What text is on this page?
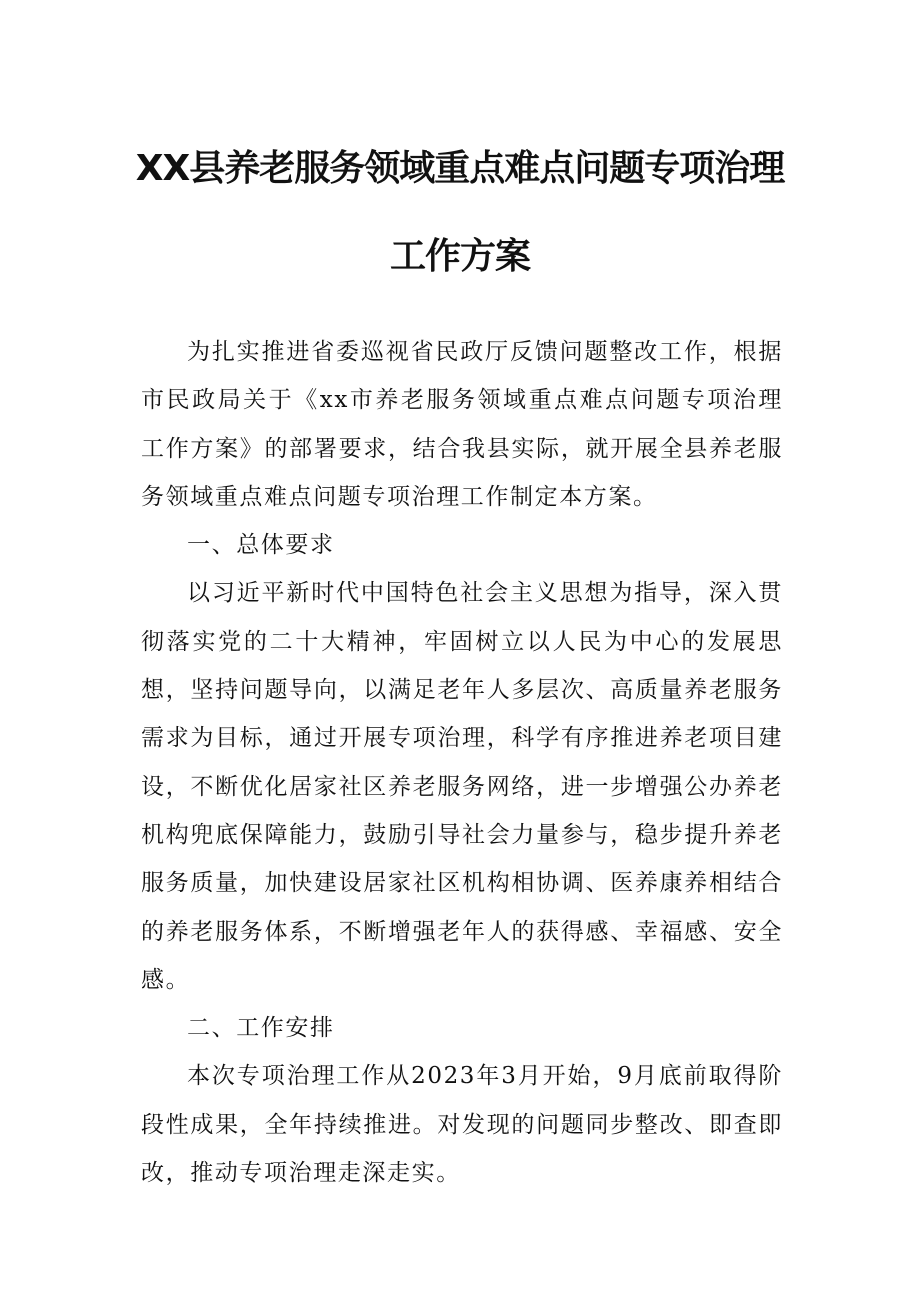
XX县养老服务领域重点难点问题专项治理
工作方案

为扎实推进省委巡视省民政厅反馈问题整改工作，根据市民政局关于《xx市养老服务领域重点难点问题专项治理工作方案》的部署要求，结合我县实际，就开展全县养老服务领域重点难点问题专项治理工作制定本方案。

一、总体要求

以习近平新时代中国特色社会主义思想为指导，深入贯彻落实党的二十大精神，牢固树立以人民为中心的发展思想，坚持问题导向，以满足老年人多层次、高质量养老服务需求为目标，通过开展专项治理，科学有序推进养老项目建设，不断优化居家社区养老服务网络，进一步增强公办养老机构兜底保障能力，鼓励引导社会力量参与，稳步提升养老服务质量，加快建设居家社区机构相协调、医养康养相结合的养老服务体系，不断增强老年人的获得感、幸福感、安全感。

二、工作安排

本次专项治理工作从2023年3月开始，9月底前取得阶段性成果，全年持续推进。对发现的问题同步整改、即查即改，推动专项治理走深走实。
